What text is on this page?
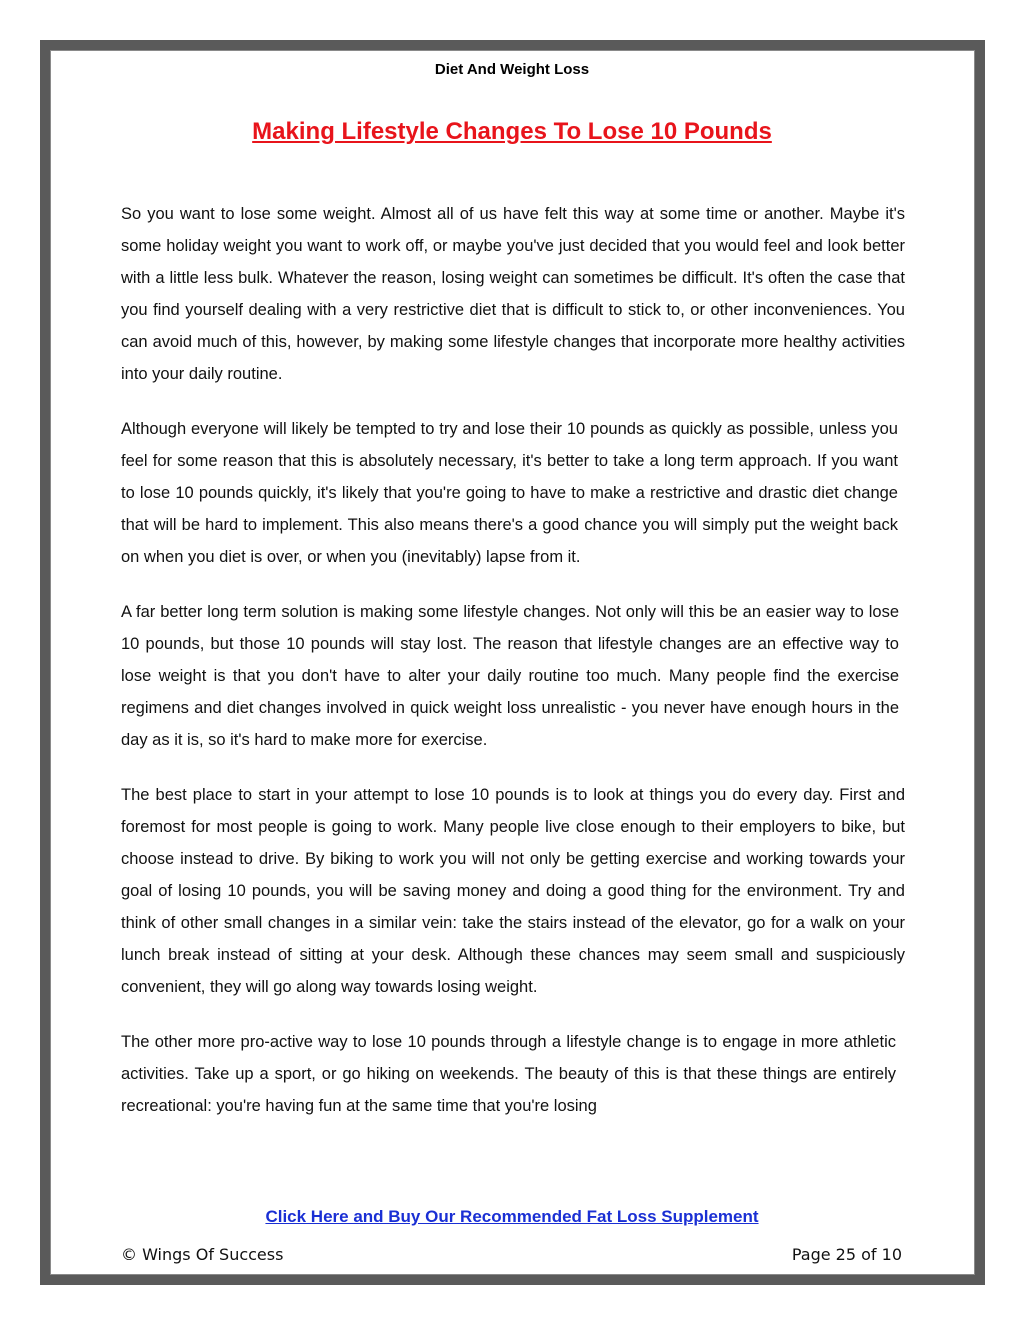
Diet And Weight Loss
Making Lifestyle Changes To Lose 10 Pounds

So you want to lose some weight. Almost all of us have felt this way at some time or another. Maybe it's some holiday weight you want to work off, or maybe you've just decided that you would feel and look better with a little less bulk. Whatever the reason, losing weight can sometimes be difficult. It's often the case that you find yourself dealing with a very restrictive diet that is difficult to stick to, or other inconveniences. You can avoid much of this, however, by making some lifestyle changes that incorporate more healthy activities into your daily routine.

Although everyone will likely be tempted to try and lose their 10 pounds as quickly as possible, unless you feel for some reason that this is absolutely necessary, it's better to take a long term approach. If you want to lose 10 pounds quickly, it's likely that you're going to have to make a restrictive and drastic diet change that will be hard to implement. This also means there's a good chance you will simply put the weight back on when you diet is over, or when you (inevitably) lapse from it.

A far better long term solution is making some lifestyle changes. Not only will this be an easier way to lose 10 pounds, but those 10 pounds will stay lost. The reason that lifestyle changes are an effective way to lose weight is that you don't have to alter your daily routine too much. Many people find the exercise regimens and diet changes involved in quick weight loss unrealistic - you never have enough hours in the day as it is, so it's hard to make more for exercise.

The best place to start in your attempt to lose 10 pounds is to look at things you do every day. First and foremost for most people is going to work. Many people live close enough to their employers to bike, but choose instead to drive. By biking to work you will not only be getting exercise and working towards your goal of losing 10 pounds, you will be saving money and doing a good thing for the environment. Try and think of other small changes in a similar vein: take the stairs instead of the elevator, go for a walk on your lunch break instead of sitting at your desk. Although these chances may seem small and suspiciously convenient, they will go along way towards losing weight.

The other more pro-active way to lose 10 pounds through a lifestyle change is to engage in more athletic activities. Take up a sport, or go hiking on weekends. The beauty of this is that these things are entirely recreational: you're having fun at the same time that you're losing

Click Here and Buy Our Recommended Fat Loss Supplement
© Wings Of Success	Page 25 of 10
